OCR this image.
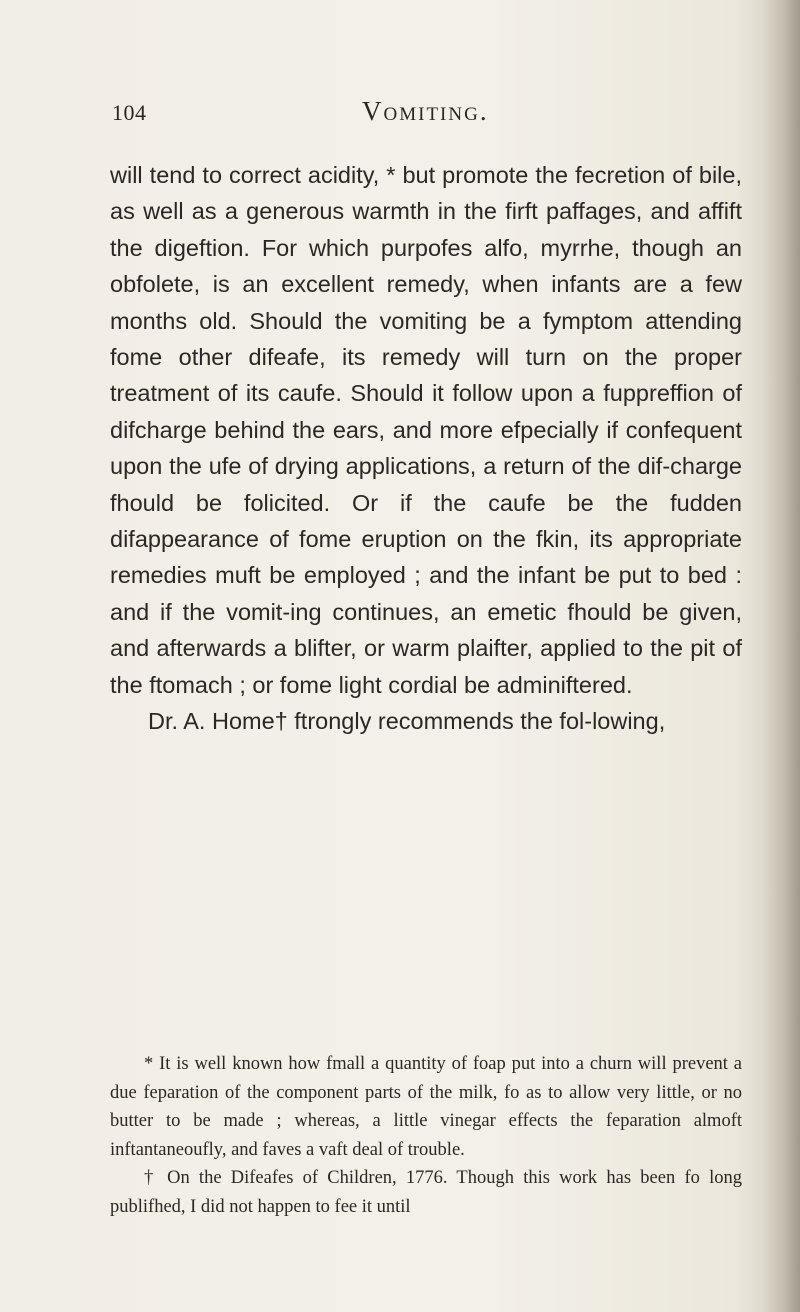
104	Vomiting.

will tend to correct acidity, * but promote the fecretion of bile, as well as a generous warmth in the firft paffages, and affift the digeftion. For which purpofes alfo, myrrhe, though an obfolete, is an excellent remedy, when infants are a few months old. Should the vomiting be a fymptom attending fome other difeafe, its remedy will turn on the proper treatment of its caufe. Should it follow upon a fuppreffion of difcharge behind the ears, and more efpecially if confequent upon the ufe of drying applications, a return of the dif-charge fhould be folicited. Or if the caufe be the fudden difappearance of fome eruption on the fkin, its appropriate remedies muft be employed ; and the infant be put to bed : and if the vomit-ing continues, an emetic fhould be given, and afterwards a blifter, or warm plaifter, applied to the pit of the ftomach ; or fome light cordial be adminiftered.

Dr. A. Home† ftrongly recommends the fol-lowing,

* It is well known how fmall a quantity of foap put into a churn will prevent a due feparation of the component parts of the milk, fo as to allow very little, or no butter to be made ; whereas, a little vinegar effects the feparation almoft inftantaneoufly, and faves a vaft deal of trouble.

† On the Difeafes of Children, 1776. Though this work has been fo long publifhed, I did not happen to fee it until
